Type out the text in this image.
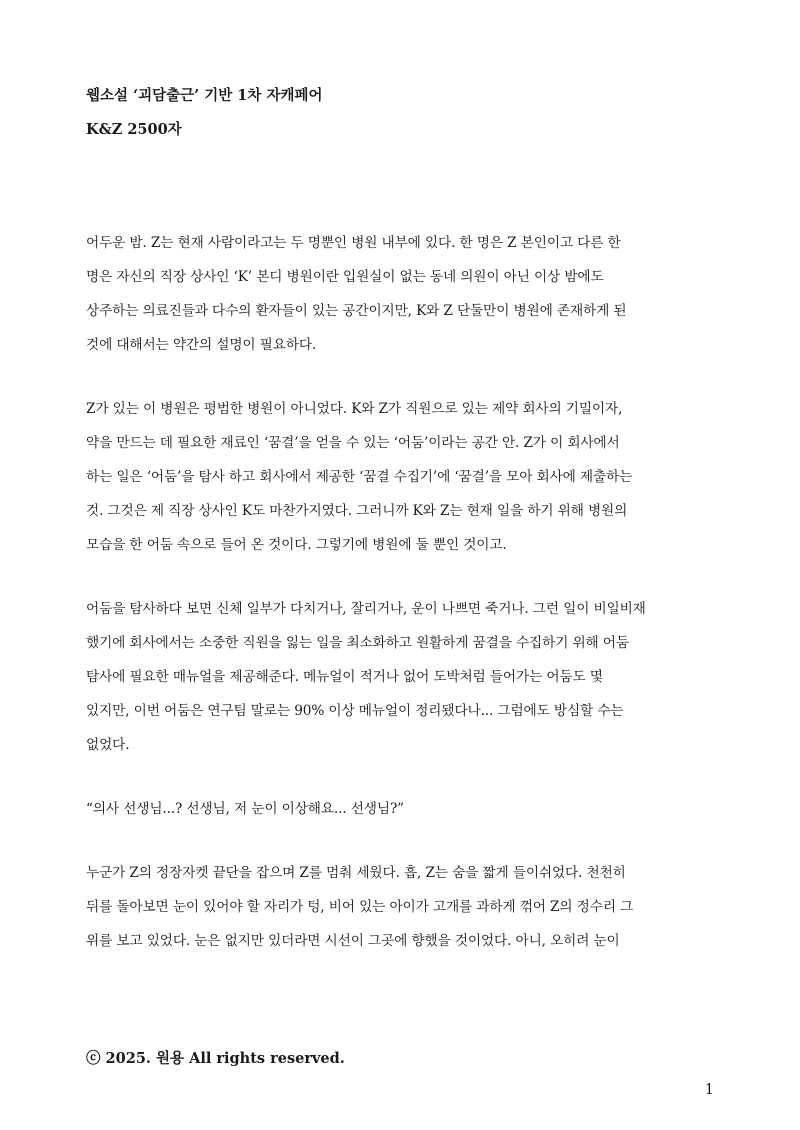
웹소설 ‘괴담출근’ 기반 1차 자캐페어
K&Z 2500자
어두운 밤. Z는 현재 사람이라고는 두 명뿐인 병원 내부에 있다. 한 명은 Z 본인이고 다른 한
명은 자신의 직장 상사인 ‘K’ 본디 병원이란 입원실이 없는 동네 의원이 아닌 이상 밤에도
상주하는 의료진들과 다수의 환자들이 있는 공간이지만, K와 Z 단둘만이 병원에 존재하게 된
것에 대해서는 약간의 설명이 필요하다.
Z가 있는 이 병원은 평범한 병원이 아니었다. K와 Z가 직원으로 있는 제약 회사의 기밀이자,
약을 만드는 데 필요한 재료인 ‘꿈결’을 얻을 수 있는 ‘어둠’이라는 공간 안. Z가 이 회사에서
하는 일은 ‘어둠’을 탐사 하고 회사에서 제공한 ‘꿈결 수집기’에 ‘꿈결’을 모아 회사에 제출하는
것. 그것은 제 직장 상사인 K도 마찬가지였다. 그러니까 K와 Z는 현재 일을 하기 위해 병원의
모습을 한 어둠 속으로 들어 온 것이다. 그렇기에 병원에 둘 뿐인 것이고.
어둠을 탐사하다 보면 신체 일부가 다치거나, 잘리거나, 운이 나쁘면 죽거나. 그런 일이 비일비재
했기에 회사에서는 소중한 직원을 잃는 일을 최소화하고 원활하게 꿈결을 수집하기 위해 어둠
탐사에 필요한 매뉴얼을 제공해준다. 메뉴얼이 적거나 없어 도박처럼 들어가는 어둠도 몇
있지만, 이번 어둠은 연구팀 말로는 90% 이상 메뉴얼이 정리됐다나... 그럼에도 방심할 수는
없었다.
“의사 선생님...? 선생님, 저 눈이 이상해요... 선생님?”
누군가 Z의 정장자켓 끝단을 잡으며 Z를 멈춰 세웠다. 흡, Z는 숨을 짧게 들이쉬었다. 천천히
뒤를 돌아보면 눈이 있어야 할 자리가 텅, 비어 있는 아이가 고개를 과하게 꺾어 Z의 정수리 그
위를 보고 있었다. 눈은 없지만 있더라면 시선이 그곳에 향했을 것이었다. 아니, 오히려 눈이
ⓒ 2025. 원용 All rights reserved.
1
